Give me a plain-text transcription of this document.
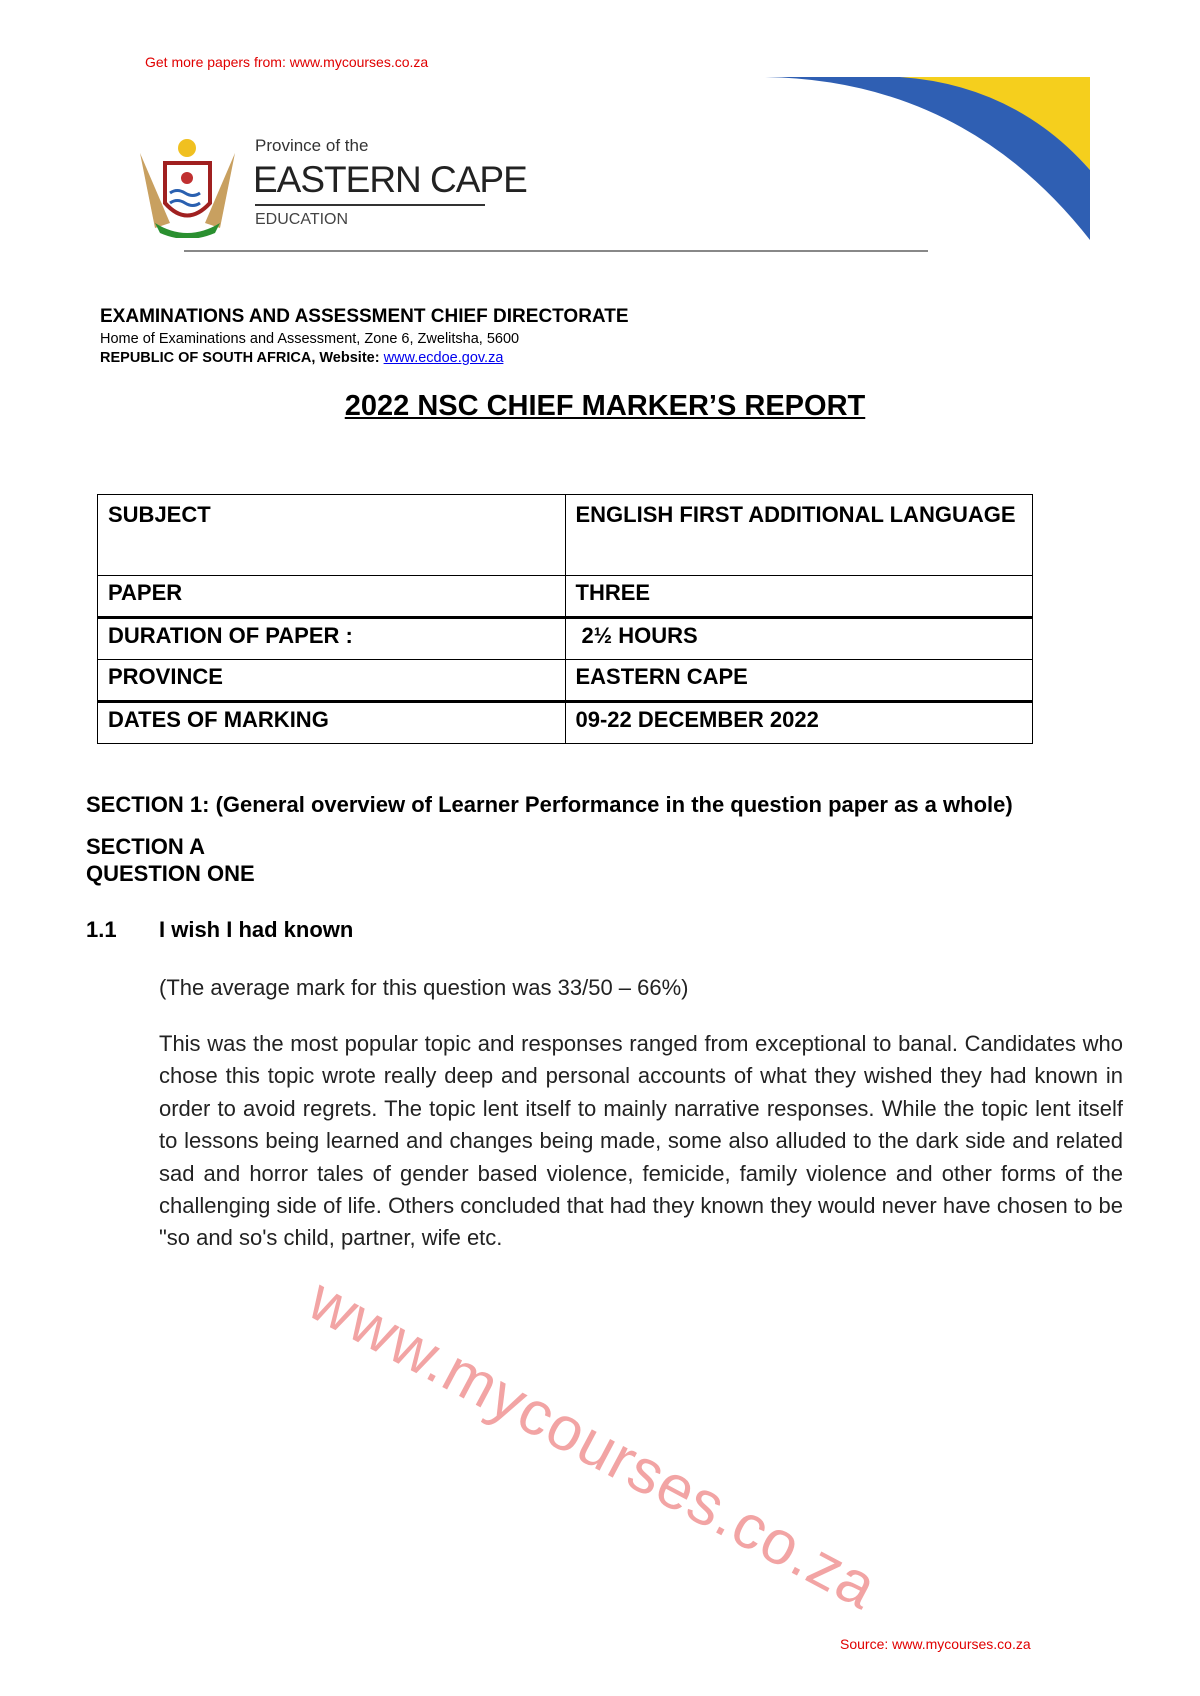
Get more papers from: www.mycourses.co.za
Province of the
EASTERN CAPE
EDUCATION
EXAMINATIONS AND ASSESSMENT CHIEF DIRECTORATE
Home of Examinations and Assessment, Zone 6, Zwelitsha, 5600
REPUBLIC OF SOUTH AFRICA, Website: www.ecdoe.gov.za
2022 NSC CHIEF MARKER’S REPORT
SUBJECT	ENGLISH FIRST ADDITIONAL LANGUAGE
PAPER	THREE
DURATION OF PAPER :	2½ HOURS
PROVINCE	EASTERN CAPE
DATES OF MARKING	09-22 DECEMBER 2022
SECTION 1: (General overview of Learner Performance in the question paper as a whole)
SECTION A
QUESTION ONE
1.1 I wish I had known
(The average mark for this question was 33/50 – 66%)
This was the most popular topic and responses ranged from exceptional to banal. Candidates who chose this topic wrote really deep and personal accounts of what they wished they had known in order to avoid regrets. The topic lent itself to mainly narrative responses. While the topic lent itself to lessons being learned and changes being made, some also alluded to the dark side and related sad and horror tales of gender based violence, femicide, family violence and other forms of the challenging side of life. Others concluded that had they known they would never have chosen to be "so and so's child, partner, wife etc.
www.mycourses.co.za
Source: www.mycourses.co.za
